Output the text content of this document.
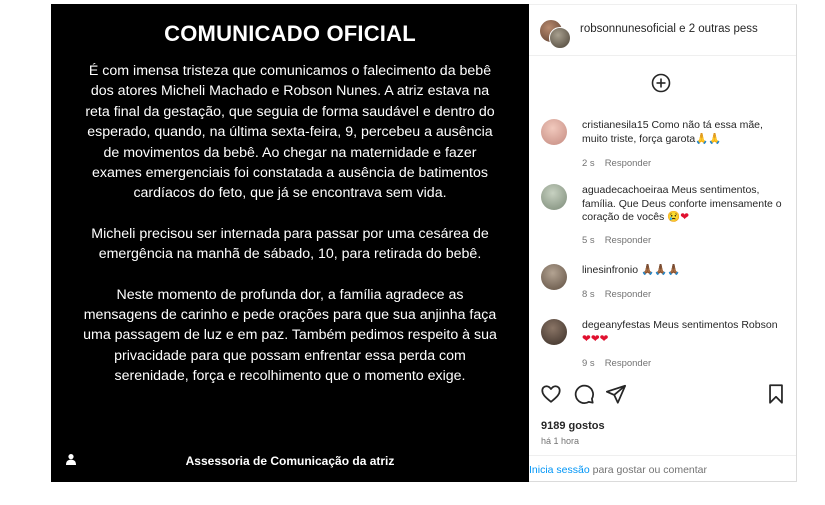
COMUNICADO OFICIAL

É com imensa tristeza que comunicamos o falecimento da bebê dos atores Micheli Machado e Robson Nunes. A atriz estava na reta final da gestação, que seguia de forma saudável e dentro do esperado, quando, na última sexta-feira, 9, percebeu a ausência de movimentos da bebê. Ao chegar na maternidade e fazer exames emergenciais foi constatada a ausência de batimentos cardíacos do feto, que já se encontrava sem vida.

Micheli precisou ser internada para passar por uma cesárea de emergência na manhã de sábado, 10, para retirada do bebê.

Neste momento de profunda dor, a família agradece as mensagens de carinho e pede orações para que sua anjinha faça uma passagem de luz e em paz. Também pedimos respeito à sua privacidade para que possam enfrentar essa perda com serenidade, força e recolhimento que o momento exige.

Assessoria de Comunicação da atriz
robsonnunesoficial e 2 outras pess
cristianesila15 Como não tá essa mãe, muito triste, força garota🙏🙏
2 s Responder
aguadecachoeiraa Meus sentimentos, família. Que Deus conforte imensamente o coração de vocês 😢❤
5 s Responder
linesinfronio 🙏🏾🙏🏾🙏🏾
8 s Responder
degeanyfestas Meus sentimentos Robson ❤❤❤
9 s Responder
9189 gostos
há 1 hora
Inicia sessão para gostar ou comentar
